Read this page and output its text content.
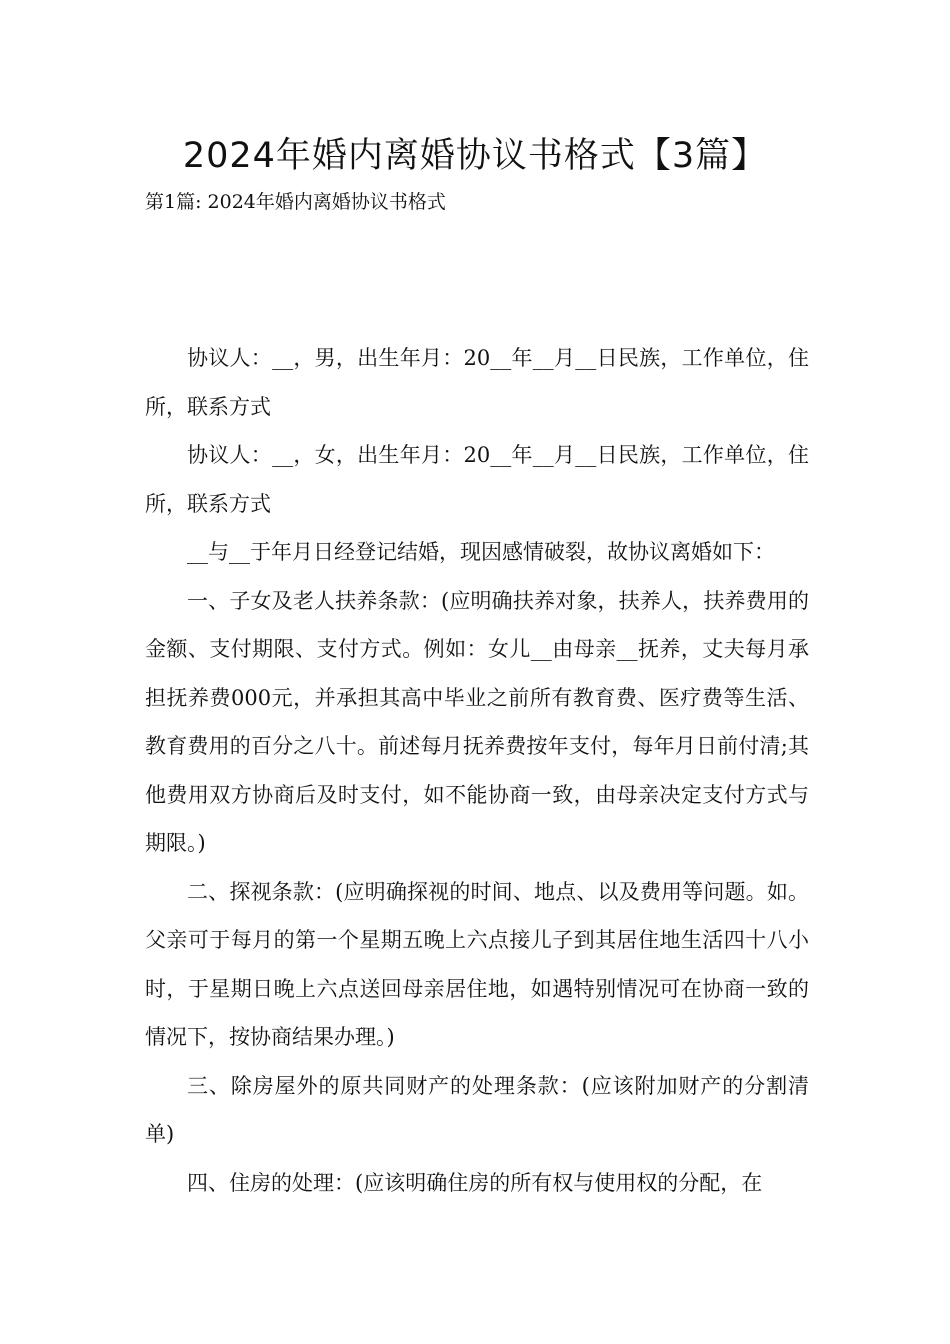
2024年婚内离婚协议书格式【3篇】
第1篇: 2024年婚内离婚协议书格式

协议人：__，男，出生年月：20__年__月__日民族，工作单位，住所，联系方式

协议人：__，女，出生年月：20__年__月__日民族，工作单位，住所，联系方式

__与__于年月日经登记结婚，现因感情破裂，故协议离婚如下：

一、子女及老人扶养条款：(应明确扶养对象，扶养人，扶养费用的金额、支付期限、支付方式。例如：女儿__由母亲__抚养，丈夫每月承担抚养费000元，并承担其高中毕业之前所有教育费、医疗费等生活、教育费用的百分之八十。前述每月抚养费按年支付，每年月日前付清;其他费用双方协商后及时支付，如不能协商一致，由母亲决定支付方式与期限。)

二、探视条款：(应明确探视的时间、地点、以及费用等问题。如。父亲可于每月的第一个星期五晚上六点接儿子到其居住地生活四十八小时，于星期日晚上六点送回母亲居住地，如遇特别情况可在协商一致的情况下，按协商结果办理。)

三、除房屋外的原共同财产的处理条款：(应该附加财产的分割清单)

四、住房的处理：(应该明确住房的所有权与使用权的分配，在
